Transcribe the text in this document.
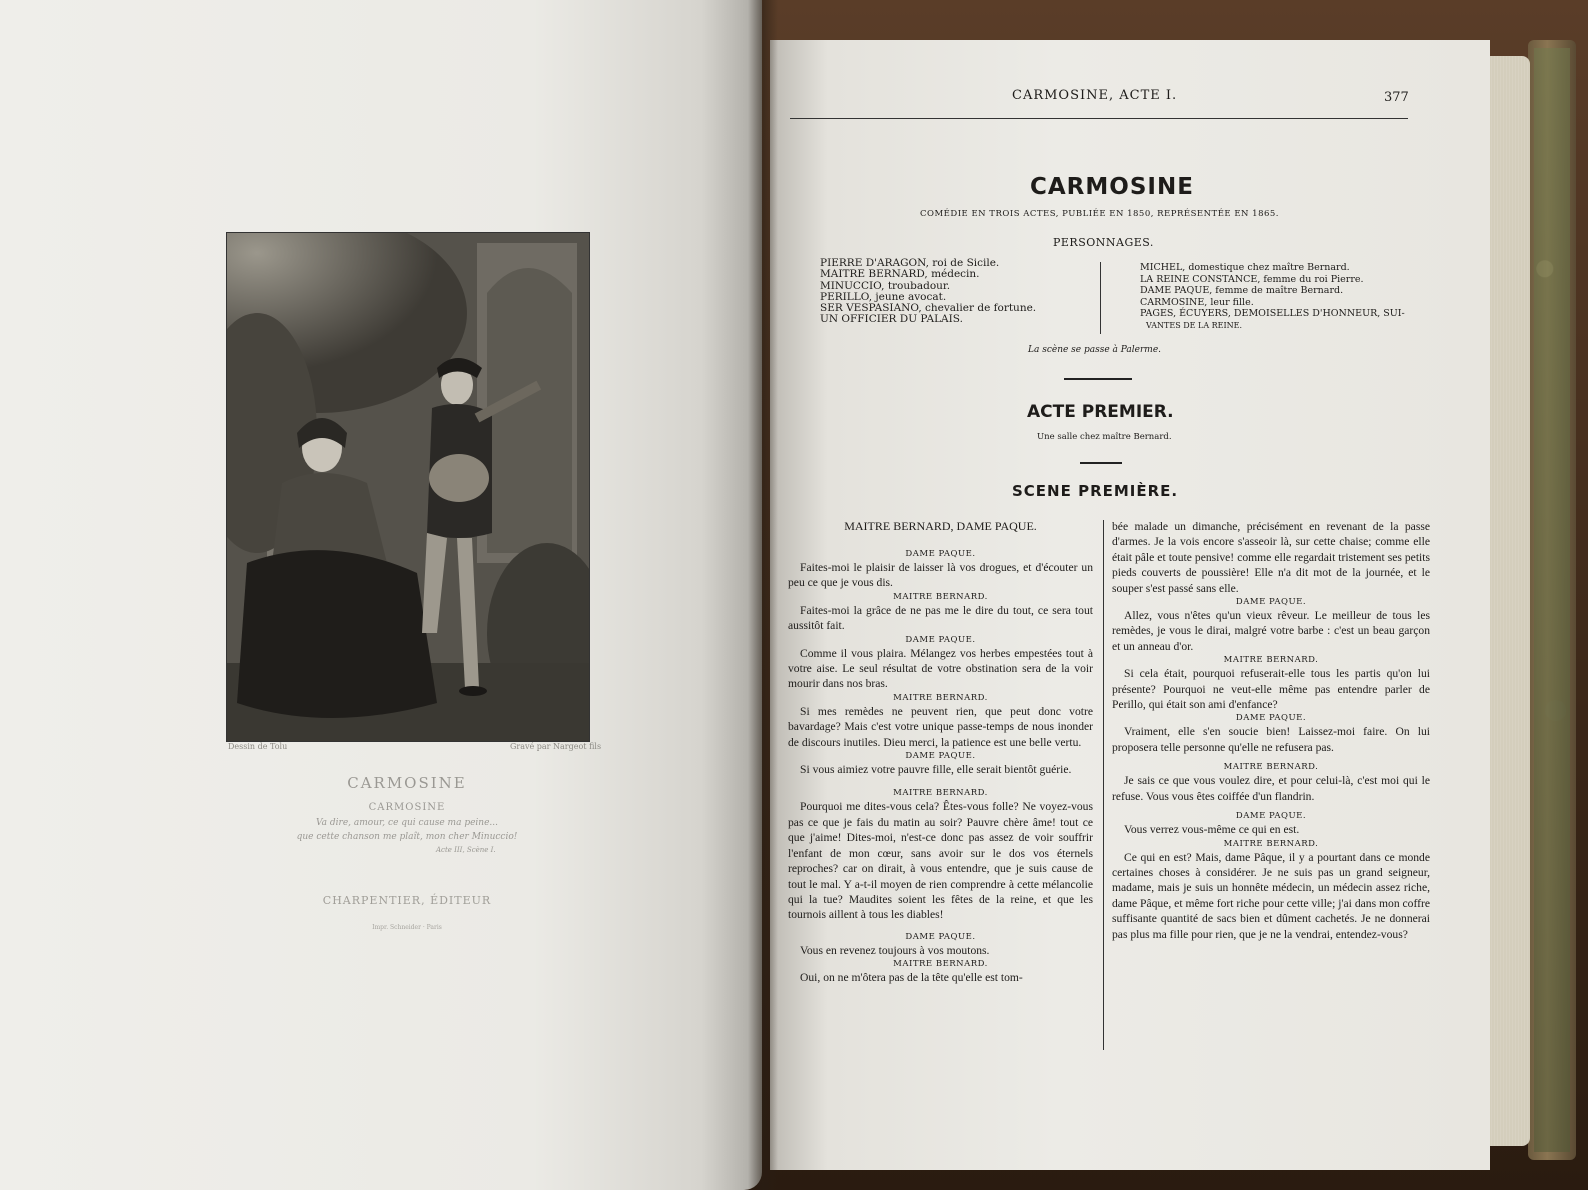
Dessin de Tolu	Gravé par Nargeot fils
CARMOSINE
CARMOSINE
Va dire, amour, ce qui cause ma peine...
que cette chanson me plaît, mon cher Minuccio!
Acte III, Scène I.
CHARPENTIER, ÉDITEUR
Impr. Schneider · Paris
CARMOSINE, ACTE I.	377
CARMOSINE
COMÉDIE EN TROIS ACTES, PUBLIÉE EN 1850, REPRÉSENTÉE EN 1865.
PERSONNAGES.
PIERRE D'ARAGON, roi de Sicile.
MAITRE BERNARD, médecin.
MINUCCIO, troubadour.
PERILLO, jeune avocat.
SER VESPASIANO, chevalier de fortune.
UN OFFICIER DU PALAIS.
MICHEL, domestique chez maître Bernard.
LA REINE CONSTANCE, femme du roi Pierre.
DAME PAQUE, femme de maître Bernard.
CARMOSINE, leur fille.
PAGES, ÉCUYERS, DEMOISELLES D'HONNEUR, SUI-
VANTES DE LA REINE.
La scène se passe à Palerme.
ACTE PREMIER.
Une salle chez maître Bernard.
SCENE PREMIÈRE.

MAITRE BERNARD, DAME PAQUE.

DAME PAQUE.

Faites-moi le plaisir de laisser là vos drogues, et d'écouter un peu ce que je vous dis.

MAITRE BERNARD.

Faites-moi la grâce de ne pas me le dire du tout, ce sera tout aussitôt fait.

DAME PAQUE.

Comme il vous plaira. Mélangez vos herbes empestées tout à votre aise. Le seul résultat de votre obstination sera de la voir mourir dans nos bras.

MAITRE BERNARD.

Si mes remèdes ne peuvent rien, que peut donc votre bavardage? Mais c'est votre unique passe-temps de nous inonder de discours inutiles. Dieu merci, la patience est une belle vertu.

DAME PAQUE.

Si vous aimiez votre pauvre fille, elle serait bientôt guérie.

MAITRE BERNARD.

Pourquoi me dites-vous cela? Êtes-vous folle? Ne voyez-vous pas ce que je fais du matin au soir? Pauvre chère âme! tout ce que j'aime! Dites-moi, n'est-ce donc pas assez de voir souffrir l'enfant de mon cœur, sans avoir sur le dos vos éternels reproches? car on dirait, à vous entendre, que je suis cause de tout le mal. Y a-t-il moyen de rien comprendre à cette mélancolie qui la tue? Maudites soient les fêtes de la reine, et que les tournois aillent à tous les diables!

DAME PAQUE.

Vous en revenez toujours à vos moutons.

MAITRE BERNARD.

Oui, on ne m'ôtera pas de la tête qu'elle est tom-

bée malade un dimanche, précisément en revenant de la passe d'armes. Je la vois encore s'asseoir là, sur cette chaise; comme elle était pâle et toute pensive! comme elle regardait tristement ses petits pieds couverts de poussière! Elle n'a dit mot de la journée, et le souper s'est passé sans elle.

DAME PAQUE.

Allez, vous n'êtes qu'un vieux rêveur. Le meilleur de tous les remèdes, je vous le dirai, malgré votre barbe : c'est un beau garçon et un anneau d'or.

MAITRE BERNARD.

Si cela était, pourquoi refuserait-elle tous les partis qu'on lui présente? Pourquoi ne veut-elle même pas entendre parler de Perillo, qui était son ami d'enfance?

DAME PAQUE.

Vraiment, elle s'en soucie bien! Laissez-moi faire. On lui proposera telle personne qu'elle ne refusera pas.

MAITRE BERNARD.

Je sais ce que vous voulez dire, et pour celui-là, c'est moi qui le refuse. Vous vous êtes coiffée d'un flandrin.

DAME PAQUE.

Vous verrez vous-même ce qui en est.

MAITRE BERNARD.

Ce qui en est? Mais, dame Pâque, il y a pourtant dans ce monde certaines choses à considérer. Je ne suis pas un grand seigneur, madame, mais je suis un honnête médecin, un médecin assez riche, dame Pâque, et même fort riche pour cette ville; j'ai dans mon coffre suffisante quantité de sacs bien et dûment cachetés. Je ne donnerai pas plus ma fille pour rien, que je ne la vendrai, entendez-vous?
